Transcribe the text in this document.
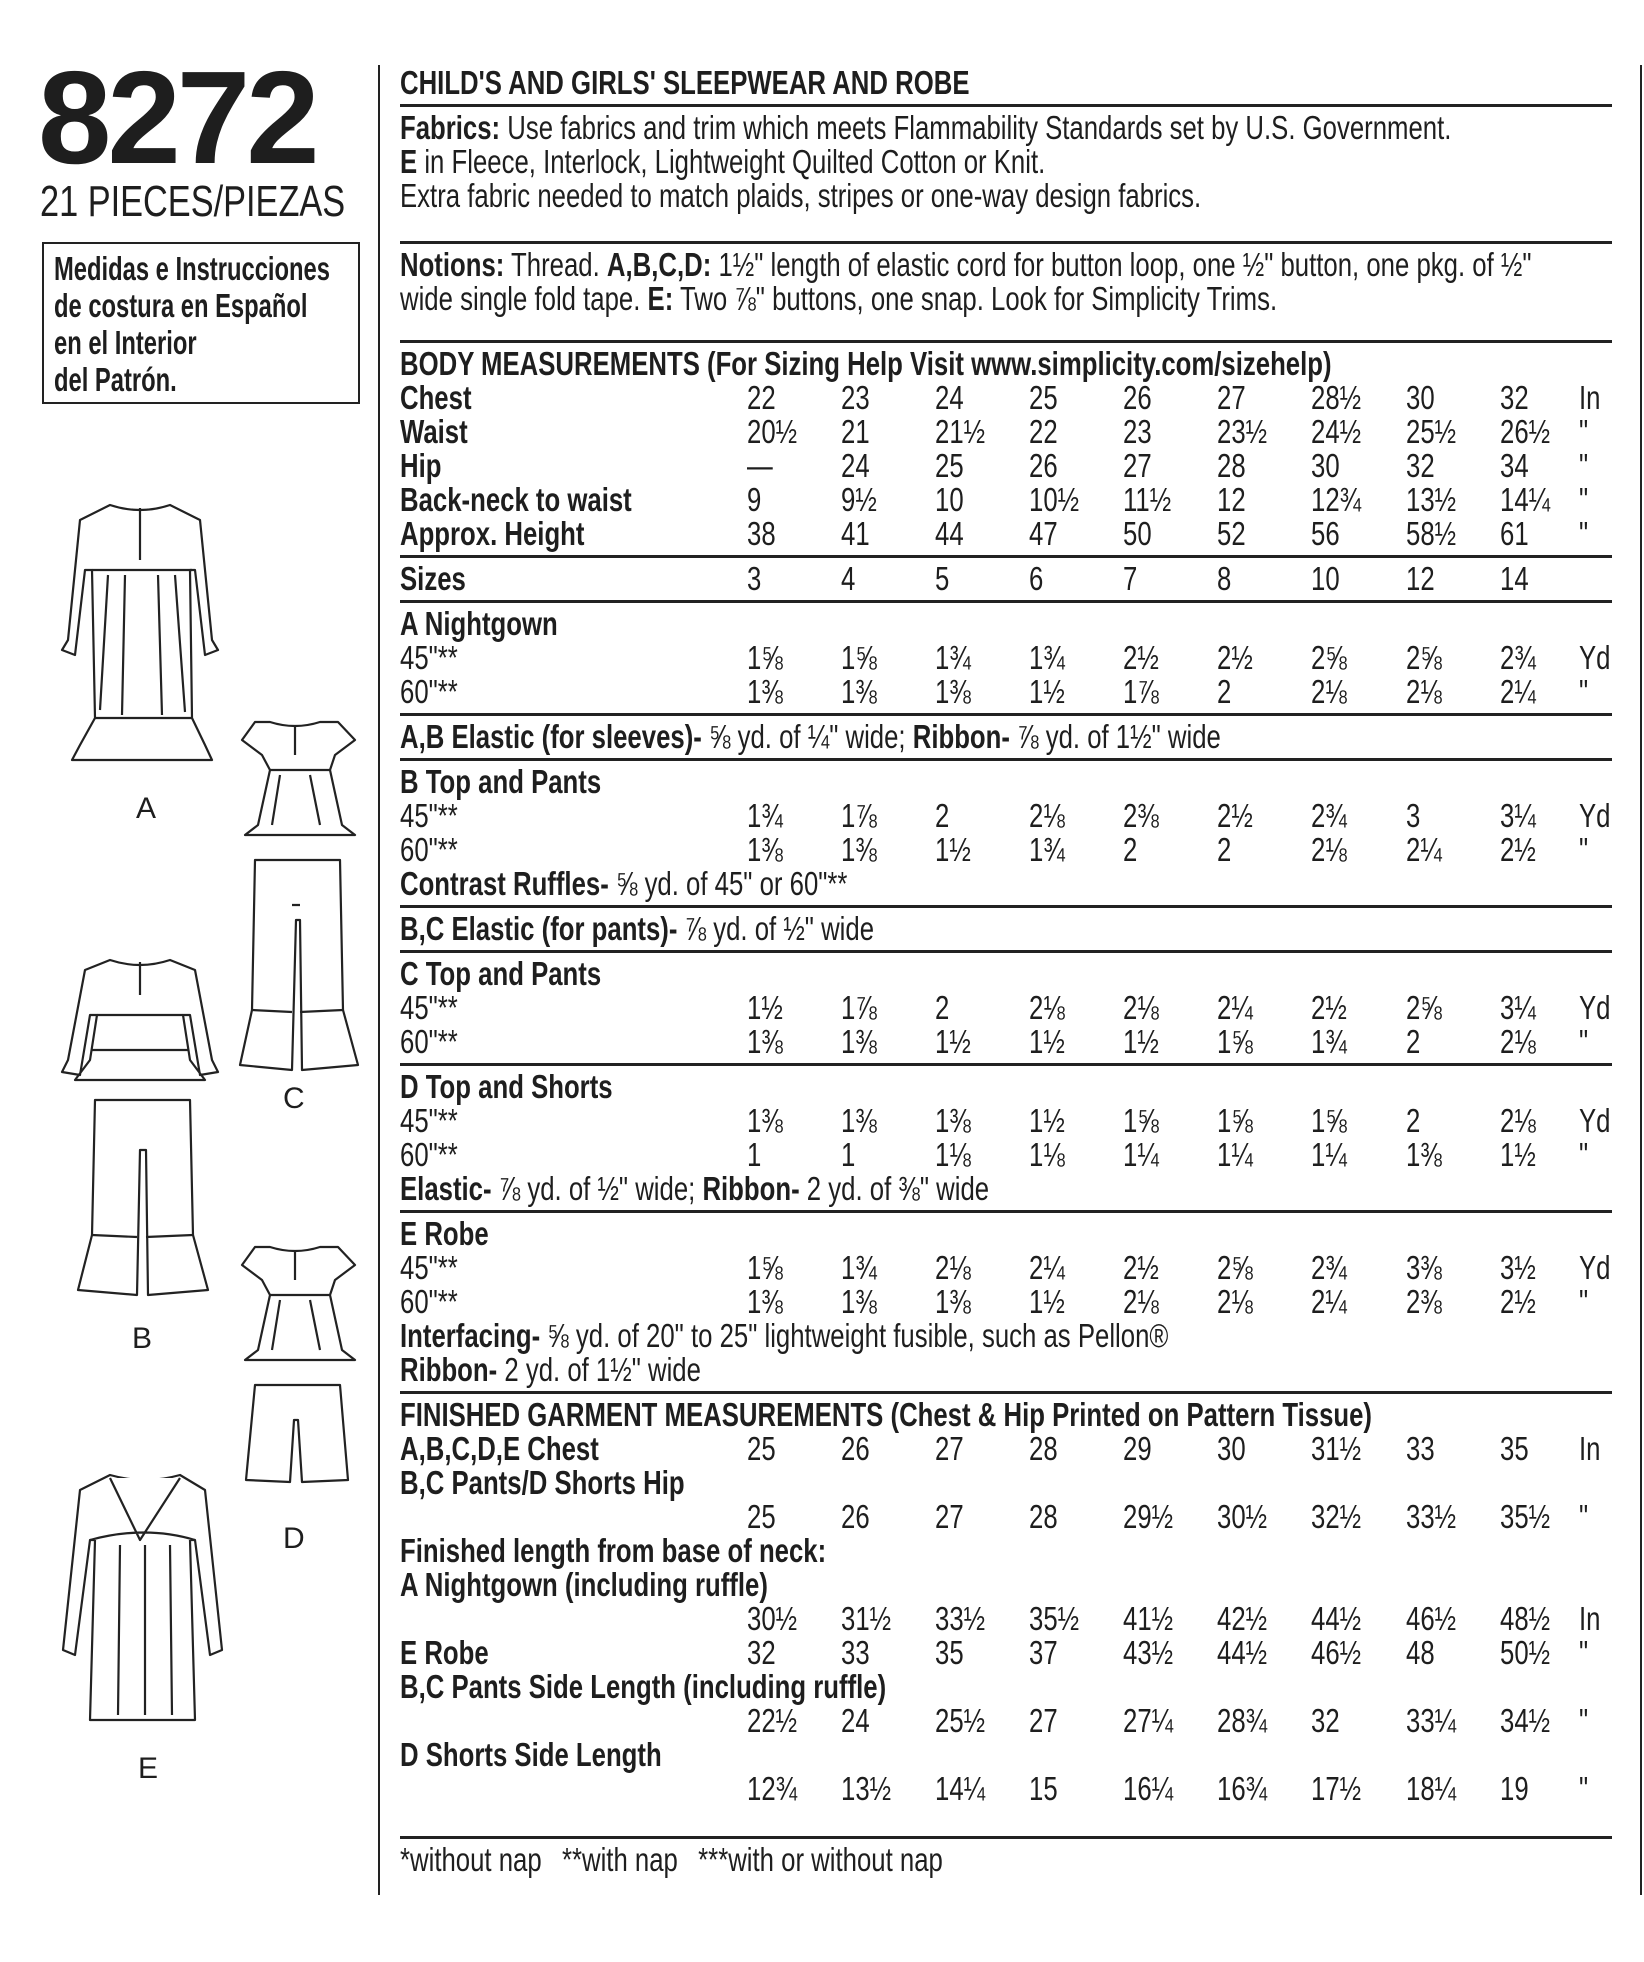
8272
21 PIECES/PIEZAS
Medidas e Instrucciones
de costura en Español
en el Interior
del Patrón.
A
B
C
D
E
CHILD'S AND GIRLS' SLEEPWEAR AND ROBE
Fabrics: Use fabrics and trim which meets Flammability Standards set by U.S. Government.
E in Fleece, Interlock, Lightweight Quilted Cotton or Knit.
Extra fabric needed to match plaids, stripes or one-way design fabrics.
Notions: Thread. A,B,C,D: 1½" length of elastic cord for button loop, one ½" button, one pkg. of ½"
wide single fold tape. E: Two ⅞" buttons, one snap. Look for Simplicity Trims.
BODY MEASUREMENTS (For Sizing Help Visit www.simplicity.com/sizehelp)
Chest	22 23 24 25 26 27 28½ 30 32 In
Waist	20½ 21 21½ 22 23 23½ 24½ 25½ 26½ "
Hip	— 24 25 26 27 28 30 32 34 "
Back-neck to waist	9 9½ 10 10½ 11½ 12 12¾ 13½ 14¼ "
Approx. Height	38 41 44 47 50 52 56 58½ 61 "
Sizes	3 4 5 6 7 8 10 12 14
A Nightgown
45"**	1⅝ 1⅝ 1¾ 1¾ 2½ 2½ 2⅝ 2⅝ 2¾ Yd
60"**	1⅜ 1⅜ 1⅜ 1½ 1⅞ 2 2⅛ 2⅛ 2¼ "
A,B Elastic (for sleeves)- ⅝ yd. of ¼" wide; Ribbon- ⅞ yd. of 1½" wide
B Top and Pants
45"**	1¾ 1⅞ 2 2⅛ 2⅜ 2½ 2¾ 3 3¼ Yd
60"**	1⅜ 1⅜ 1½ 1¾ 2 2 2⅛ 2¼ 2½ "
Contrast Ruffles- ⅝ yd. of 45" or 60"**
B,C Elastic (for pants)- ⅞ yd. of ½" wide
C Top and Pants
45"**	1½ 1⅞ 2 2⅛ 2⅛ 2¼ 2½ 2⅝ 3¼ Yd
60"**	1⅜ 1⅜ 1½ 1½ 1½ 1⅝ 1¾ 2 2⅛ "
D Top and Shorts
45"**	1⅜ 1⅜ 1⅜ 1½ 1⅝ 1⅝ 1⅝ 2 2⅛ Yd
60"**	1 1 1⅛ 1⅛ 1¼ 1¼ 1¼ 1⅜ 1½ "
Elastic- ⅞ yd. of ½" wide; Ribbon- 2 yd. of ⅜" wide
E Robe
45"**	1⅝ 1¾ 2⅛ 2¼ 2½ 2⅝ 2¾ 3⅜ 3½ Yd
60"**	1⅜ 1⅜ 1⅜ 1½ 2⅛ 2⅛ 2¼ 2⅜ 2½ "
Interfacing- ⅝ yd. of 20" to 25" lightweight fusible, such as Pellon®
Ribbon- 2 yd. of 1½" wide
FINISHED GARMENT MEASUREMENTS (Chest & Hip Printed on Pattern Tissue)
A,B,C,D,E Chest	25 26 27 28 29 30 31½ 33 35 In
B,C Pants/D Shorts Hip
25 26 27 28 29½ 30½ 32½ 33½ 35½ "
Finished length from base of neck:
A Nightgown (including ruffle)
30½ 31½ 33½ 35½ 41½ 42½ 44½ 46½ 48½ In
E Robe	32 33 35 37 43½ 44½ 46½ 48 50½ "
B,C Pants Side Length (including ruffle)
22½ 24 25½ 27 27¼ 28¾ 32 33¼ 34½ "
D Shorts Side Length
12¾ 13½ 14¼ 15 16¼ 16¾ 17½ 18¼ 19 "
*without nap **with nap ***with or without nap
